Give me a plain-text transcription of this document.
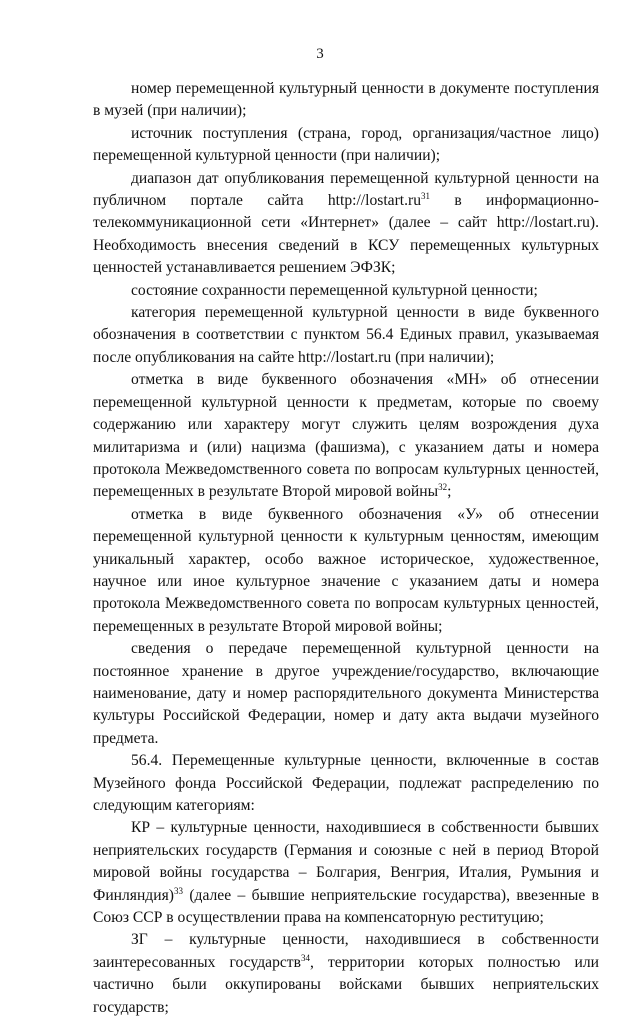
3

номер перемещенной культурный ценности в документе поступления в музей (при наличии);

источник поступления (страна, город, организация/частное лицо) перемещенной культурной ценности (при наличии);

диапазон дат опубликования перемещенной культурной ценности на публичном портале сайта $http://lostart.ru^{31}$ в информационно-телекоммуникационной сети «Интернет» (далее – сайт http://lostart.ru). Необходимость внесения сведений в КСУ перемещенных культурных ценностей устанавливается решением ЭФЗК;

состояние сохранности перемещенной культурной ценности;

категория перемещенной культурной ценности в виде буквенного обозначения в соответствии с пунктом 56.4 Единых правил, указываемая после опубликования на сайте http://lostart.ru (при наличии);

отметка в виде буквенного обозначения «МН» об отнесении перемещенной культурной ценности к предметам, которые по своему содержанию или характеру могут служить целям возрождения духа милитаризма и (или) нацизма (фашизма), с указанием даты и номера протокола Межведомственного совета по вопросам культурных ценностей, перемещенных в результате Второй мировой войны$^{32}$;

отметка в виде буквенного обозначения «У» об отнесении перемещенной культурной ценности к культурным ценностям, имеющим уникальный характер, особо важное историческое, художественное, научное или иное культурное значение с указанием даты и номера протокола Межведомственного совета по вопросам культурных ценностей, перемещенных в результате Второй мировой войны;

сведения о передаче перемещенной культурной ценности на постоянное хранение в другое учреждение/государство, включающие наименование, дату и номер распорядительного документа Министерства культуры Российской Федерации, номер и дату акта выдачи музейного предмета.

56.4. Перемещенные культурные ценности, включенные в состав Музейного фонда Российской Федерации, подлежат распределению по следующим категориям:

КР – культурные ценности, находившиеся в собственности бывших неприятельских государств (Германия и союзные с ней в период Второй мировой войны государства – Болгария, Венгрия, Италия, Румыния и Финляндия)$^{33}$ (далее – бывшие неприятельские государства), ввезенные в Союз ССР в осуществлении права на компенсаторную реституцию;

ЗГ – культурные ценности, находившиеся в собственности заинтересованных государств$^{34}$, территории которых полностью или частично были оккупированы войсками бывших неприятельских государств;
